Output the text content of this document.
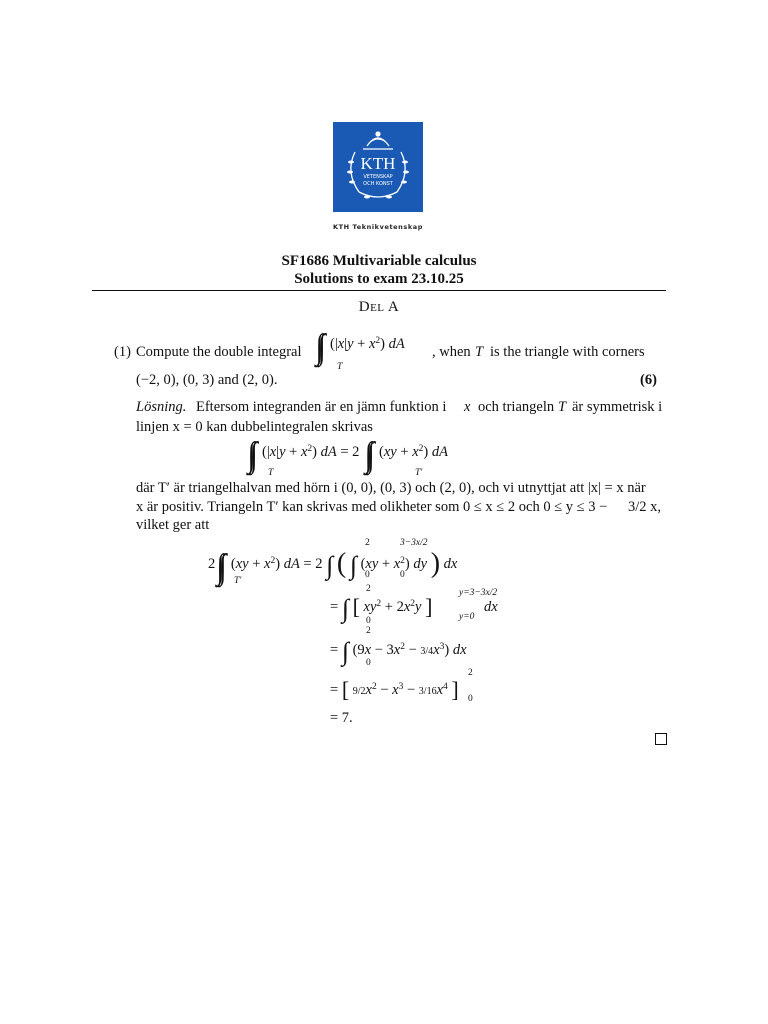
KTH
VETENSKAP
OCH KONST
KTH Teknikvetenskap
SF1686 Multivariable calculus
Solutions to exam 23.10.25
Del A
(1) Compute the double integral	$(|x|y + x^2)$ dA
T
, when T is the triangle with corners
(−2, 0), (0, 3) and (2, 0).	(6)
Lösning. Eftersom integranden är en jämn funktion i x och triangeln T är symmetrisk i
linjen x = 0 kan dubbelintegralen skrivas
$(|x|y + x^2)$ dA = 2 $(xy + x^2)$ dA
T	T′
där T′ är triangelhalvan med hörn i (0, 0), (0, 3) och (2, 0), och vi utnyttjat att |x| = x när
x är positiv. Triangeln T′ kan skrivas med olikheter som 0 ≤ x ≤ 2 och 0 ≤ y ≤ 3 − 3/2 x,
vilket ger att
2 $(xy + x^2)$ dA = 2 ∫ ( ∫ $(xy + x^2)$ dy ) dx
T′
2
0
3−3x/2
0
= ∫ [ $xy^2 + 2x^2y$ ]	dx
2
0
y=3−3x/2
y=0
= ∫ $(9x - 3x^2 - 3/4x^3)$ dx
2
0
= [ $9/2x^2 - x^3 - 3/16x^4$ ]
2
0
= 7.
